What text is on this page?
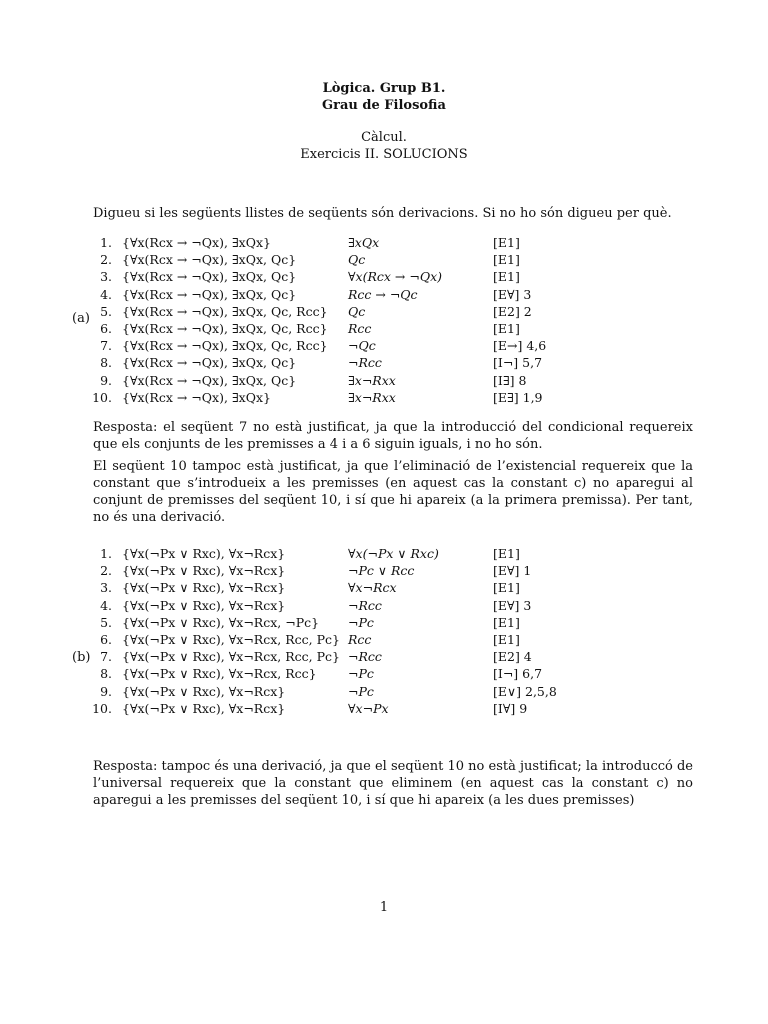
Lògica. Grup B1.
Grau de Filosofia
Càlcul.
Exercicis II. SOLUCIONS
Digueu si les següents llistes de seqüents són derivacions. Si no ho són digueu per què.
(a)
1.	{∀x(Rcx → ¬Qx), ∃xQx}	∃xQx	[E1]
2.	{∀x(Rcx → ¬Qx), ∃xQx, Qc}	Qc	[E1]
3.	{∀x(Rcx → ¬Qx), ∃xQx, Qc}	∀x(Rcx → ¬Qx)	[E1]
4.	{∀x(Rcx → ¬Qx), ∃xQx, Qc}	Rcc → ¬Qc	[E∀] 3
5.	{∀x(Rcx → ¬Qx), ∃xQx, Qc, Rcc}	Qc	[E2] 2
6.	{∀x(Rcx → ¬Qx), ∃xQx, Qc, Rcc}	Rcc	[E1]
7.	{∀x(Rcx → ¬Qx), ∃xQx, Qc, Rcc}	¬Qc	[E→] 4,6
8.	{∀x(Rcx → ¬Qx), ∃xQx, Qc}	¬Rcc	[I¬] 5,7
9.	{∀x(Rcx → ¬Qx), ∃xQx, Qc}	∃x¬Rxx	[I∃] 8
10.	{∀x(Rcx → ¬Qx), ∃xQx}	∃x¬Rxx	[E∃] 1,9
Resposta: el seqüent 7 no està justificat, ja que la introducció del condicional requereix que els conjunts de les premisses a 4 i a 6 siguin iguals, i no ho són.
El seqüent 10 tampoc està justificat, ja que l’eliminació de l’existencial requereix que la constant que s’introdueix a les premisses (en aquest cas la constant c) no aparegui al conjunt de premisses del seqüent 10, i sí que hi apareix (a la primera premissa). Per tant, no és una derivació.
(b)
1.	{∀x(¬Px ∨ Rxc), ∀x¬Rcx}	∀x(¬Px ∨ Rxc)	[E1]
2.	{∀x(¬Px ∨ Rxc), ∀x¬Rcx}	¬Pc ∨ Rcc	[E∀] 1
3.	{∀x(¬Px ∨ Rxc), ∀x¬Rcx}	∀x¬Rcx	[E1]
4.	{∀x(¬Px ∨ Rxc), ∀x¬Rcx}	¬Rcc	[E∀] 3
5.	{∀x(¬Px ∨ Rxc), ∀x¬Rcx, ¬Pc}	¬Pc	[E1]
6.	{∀x(¬Px ∨ Rxc), ∀x¬Rcx, Rcc, Pc}	Rcc	[E1]
7.	{∀x(¬Px ∨ Rxc), ∀x¬Rcx, Rcc, Pc}	¬Rcc	[E2] 4
8.	{∀x(¬Px ∨ Rxc), ∀x¬Rcx, Rcc}	¬Pc	[I¬] 6,7
9.	{∀x(¬Px ∨ Rxc), ∀x¬Rcx}	¬Pc	[E∨] 2,5,8
10.	{∀x(¬Px ∨ Rxc), ∀x¬Rcx}	∀x¬Px	[I∀] 9
Resposta: tampoc és una derivació, ja que el seqüent 10 no està justificat; la introduccó de l’universal requereix que la constant que eliminem (en aquest cas la constant c) no aparegui a les premisses del seqüent 10, i sí que hi apareix (a les dues premisses)
1
